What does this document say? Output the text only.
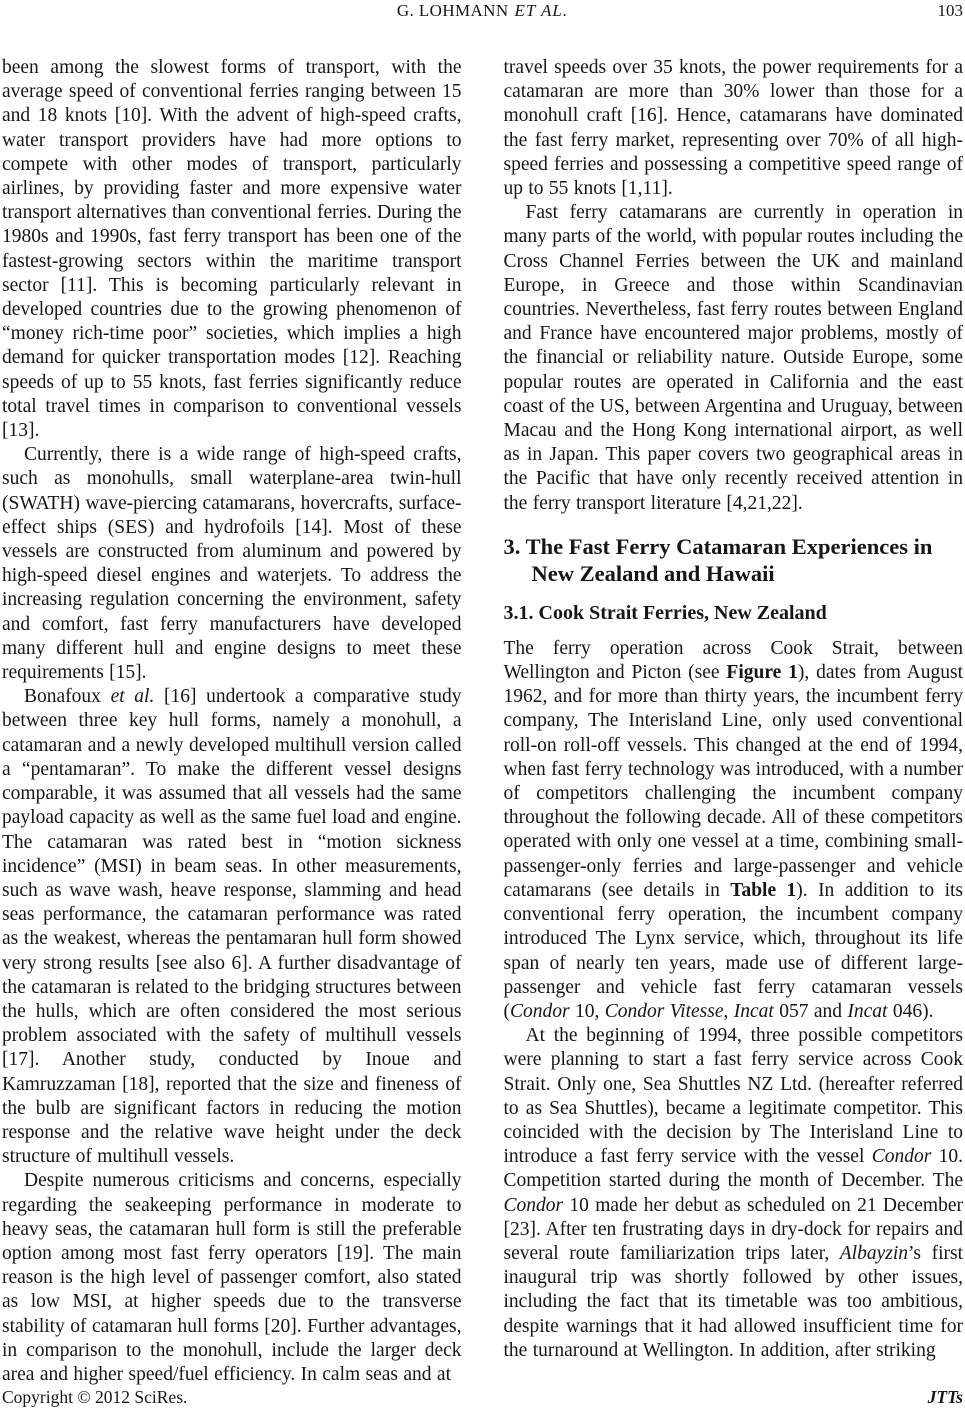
G. LOHMANN ET AL.	103

been among the slowest forms of transport, with the average speed of conventional ferries ranging between 15 and 18 knots [10]. With the advent of high-speed crafts, water transport providers have had more options to compete with other modes of transport, particularly airlines, by providing faster and more expensive water transport alternatives than conventional ferries. During the 1980s and 1990s, fast ferry transport has been one of the fastest-growing sectors within the maritime transport sector [11]. This is becoming particularly relevant in developed countries due to the growing phenomenon of “money rich-time poor” societies, which implies a high demand for quicker transportation modes [12]. Reaching speeds of up to 55 knots, fast ferries significantly reduce total travel times in comparison to conventional vessels [13].

Currently, there is a wide range of high-speed crafts, such as monohulls, small waterplane-area twin-hull (SWATH) wave-piercing catamarans, hovercrafts, surface-effect ships (SES) and hydrofoils [14]. Most of these vessels are constructed from aluminum and powered by high-speed diesel engines and waterjets. To address the increasing regulation concerning the environment, safety and comfort, fast ferry manufacturers have developed many different hull and engine designs to meet these requirements [15].

Bonafoux et al. [16] undertook a comparative study between three key hull forms, namely a monohull, a catamaran and a newly developed multihull version called a “pentamaran”. To make the different vessel designs comparable, it was assumed that all vessels had the same payload capacity as well as the same fuel load and engine. The catamaran was rated best in “motion sickness incidence” (MSI) in beam seas. In other measurements, such as wave wash, heave response, slamming and head seas performance, the catamaran performance was rated as the weakest, whereas the pentamaran hull form showed very strong results [see also 6]. A further disadvantage of the catamaran is related to the bridging structures between the hulls, which are often considered the most serious problem associated with the safety of multihull vessels [17]. Another study, conducted by Inoue and Kamruzzaman [18], reported that the size and fineness of the bulb are significant factors in reducing the motion response and the relative wave height under the deck structure of multihull vessels.

Despite numerous criticisms and concerns, especially regarding the seakeeping performance in moderate to heavy seas, the catamaran hull form is still the preferable option among most fast ferry operators [19]. The main reason is the high level of passenger comfort, also stated as low MSI, at higher speeds due to the transverse stability of catamaran hull forms [20]. Further advantages, in comparison to the monohull, include the larger deck area and higher speed/fuel efficiency. In calm seas and at

travel speeds over 35 knots, the power requirements for a catamaran are more than 30% lower than those for a monohull craft [16]. Hence, catamarans have dominated the fast ferry market, representing over 70% of all high-speed ferries and possessing a competitive speed range of up to 55 knots [1,11].

Fast ferry catamarans are currently in operation in many parts of the world, with popular routes including the Cross Channel Ferries between the UK and mainland Europe, in Greece and those within Scandinavian countries. Nevertheless, fast ferry routes between England and France have encountered major problems, mostly of the financial or reliability nature. Outside Europe, some popular routes are operated in California and the east coast of the US, between Argentina and Uruguay, between Macau and the Hong Kong international airport, as well as in Japan. This paper covers two geographical areas in the Pacific that have only recently received attention in the ferry transport literature [4,21,22].

3. The Fast Ferry Catamaran Experiences in New Zealand and Hawaii
3.1. Cook Strait Ferries, New Zealand

The ferry operation across Cook Strait, between Wellington and Picton (see Figure 1), dates from August 1962, and for more than thirty years, the incumbent ferry company, The Interisland Line, only used conventional roll-on roll-off vessels. This changed at the end of 1994, when fast ferry technology was introduced, with a number of competitors challenging the incumbent company throughout the following decade. All of these competitors operated with only one vessel at a time, combining small-passenger-only ferries and large-passenger and vehicle catamarans (see details in Table 1). In addition to its conventional ferry operation, the incumbent company introduced The Lynx service, which, throughout its life span of nearly ten years, made use of different large-passenger and vehicle fast ferry catamaran vessels (Condor 10, Condor Vitesse, Incat 057 and Incat 046).

At the beginning of 1994, three possible competitors were planning to start a fast ferry service across Cook Strait. Only one, Sea Shuttles NZ Ltd. (hereafter referred to as Sea Shuttles), became a legitimate competitor. This coincided with the decision by The Interisland Line to introduce a fast ferry service with the vessel Condor 10. Competition started during the month of December. The Condor 10 made her debut as scheduled on 21 December [23]. After ten frustrating days in dry-dock for repairs and several route familiarization trips later, Albayzin’s first inaugural trip was shortly followed by other issues, including the fact that its timetable was too ambitious, despite warnings that it had allowed insufficient time for the turnaround at Wellington. In addition, after striking

Copyright © 2012 SciRes.	JTTs
